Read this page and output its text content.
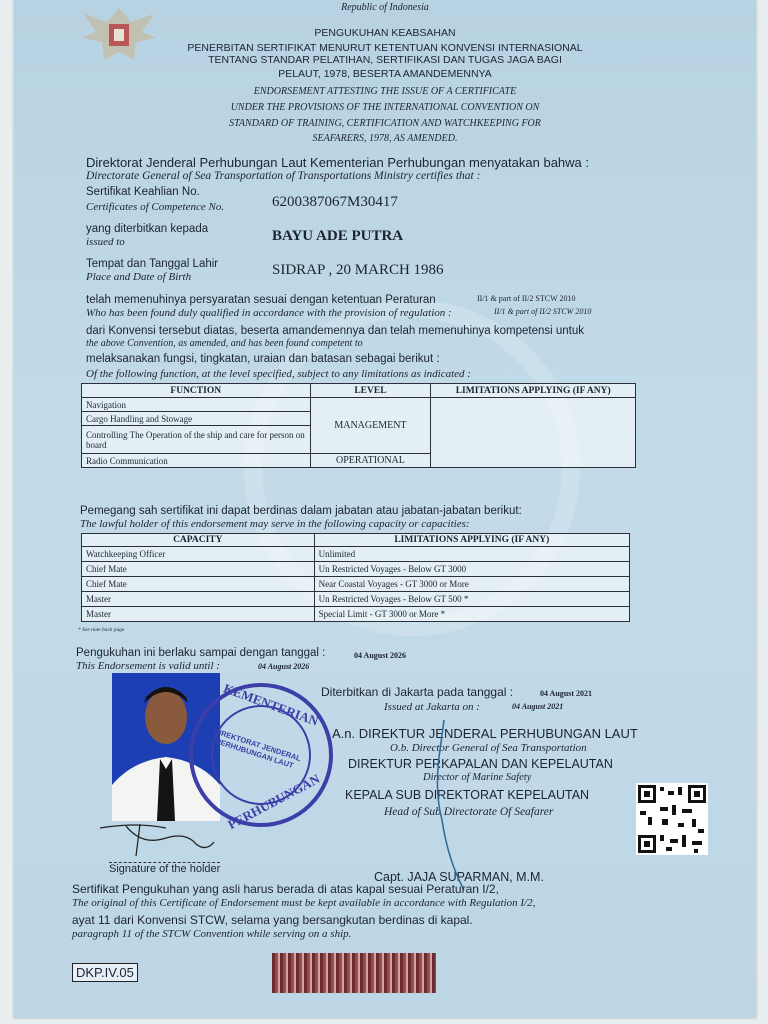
Republic of Indonesia
PENGUKUHAN KEABSAHAN
PENERBITAN SERTIFIKAT MENURUT KETENTUAN KONVENSI INTERNASIONAL
TENTANG STANDAR PELATIHAN, SERTIFIKASI DAN TUGAS JAGA BAGI
PELAUT, 1978, BESERTA AMANDEMENNYA
ENDORSEMENT ATTESTING THE ISSUE OF A CERTIFICATE
UNDER THE PROVISIONS OF THE INTERNATIONAL CONVENTION ON
STANDARD OF TRAINING, CERTIFICATION AND WATCHKEEPING FOR
SEAFARERS, 1978, AS AMENDED.
Direktorat Jenderal Perhubungan Laut Kementerian Perhubungan menyatakan bahwa :
Directorate General of Sea Transportation of Transportations Ministry certifies that :
Sertifikat Keahlian No.
Certificates of Competence No.	6200387067M30417
yang diterbitkan kepada
issued to	BAYU ADE PUTRA
Tempat dan Tanggal Lahir
Place and Date of Birth	SIDRAP , 20 MARCH 1986
telah memenuhinya persyaratan sesuai dengan ketentuan Peraturan	II/1 & part of II/2 STCW 2010
Who has been found duly qualified in accordance with the provision of regulation :	II/1 & part of II/2 STCW 2010
dari Konvensi tersebut diatas, beserta amandemennya dan telah memenuhinya kompetensi untuk
the above Convention, as amended, and has been found competent to
melaksanakan fungsi, tingkatan, uraian dan batasan sebagai berikut :
Of the following function, at the level specified, subject to any limitations as indicated :
FUNCTION	LEVEL	LIMITATIONS APPLYING (IF ANY)
Navigation	MANAGEMENT	
Cargo Handling and Stowage		
Controlling The Operation of the ship and care for person on board		
Radio Communication	OPERATIONAL	
Pemegang sah sertifikat ini dapat berdinas dalam jabatan atau jabatan-jabatan berikut:
The lawful holder of this endorsement may serve in the following capacity or capacities:
CAPACITY	LIMITATIONS APPLYING (IF ANY)
Watchkeeping Officer	Unlimited
Chief Mate	Un Restricted Voyages - Below GT 3000
Chief Mate	Near Coastal Voyages - GT 3000 or More
Master	Un Restricted Voyages - Below GT 500 *
Master	Special Limit - GT 3000 or More *
* See note back page
Pengukuhan ini berlaku sampai dengan tanggal :	04 August 2026
This Endorsement is valid until :	04 August 2026
KEMENTERIAN
DIREKTORAT JENDERAL PERHUBUNGAN LAUT
PERHUBUNGAN
Diterbitkan di Jakarta pada tanggal :	04 August 2021
Issued at Jakarta on :	04 August 2021
A.n. DIREKTUR JENDERAL PERHUBUNGAN LAUT
O.b. Director General of Sea Transportation
DIREKTUR PERKAPALAN DAN KEPELAUTAN
Director of Marine Safety
KEPALA SUB DIREKTORAT KEPELAUTAN
Head of Sub Directorate Of Seafarer
Capt. JAJA SUPARMAN, M.M.
Signature of the holder
Sertifikat Pengukuhan yang asli harus berada di atas kapal sesuai Peraturan I/2,
The original of this Certificate of Endorsement must be kept available in accordance with Regulation I/2,
ayat 11 dari Konvensi STCW, selama yang bersangkutan berdinas di kapal.
paragraph 11 of the STCW Convention while serving on a ship.
DKP.IV.05
